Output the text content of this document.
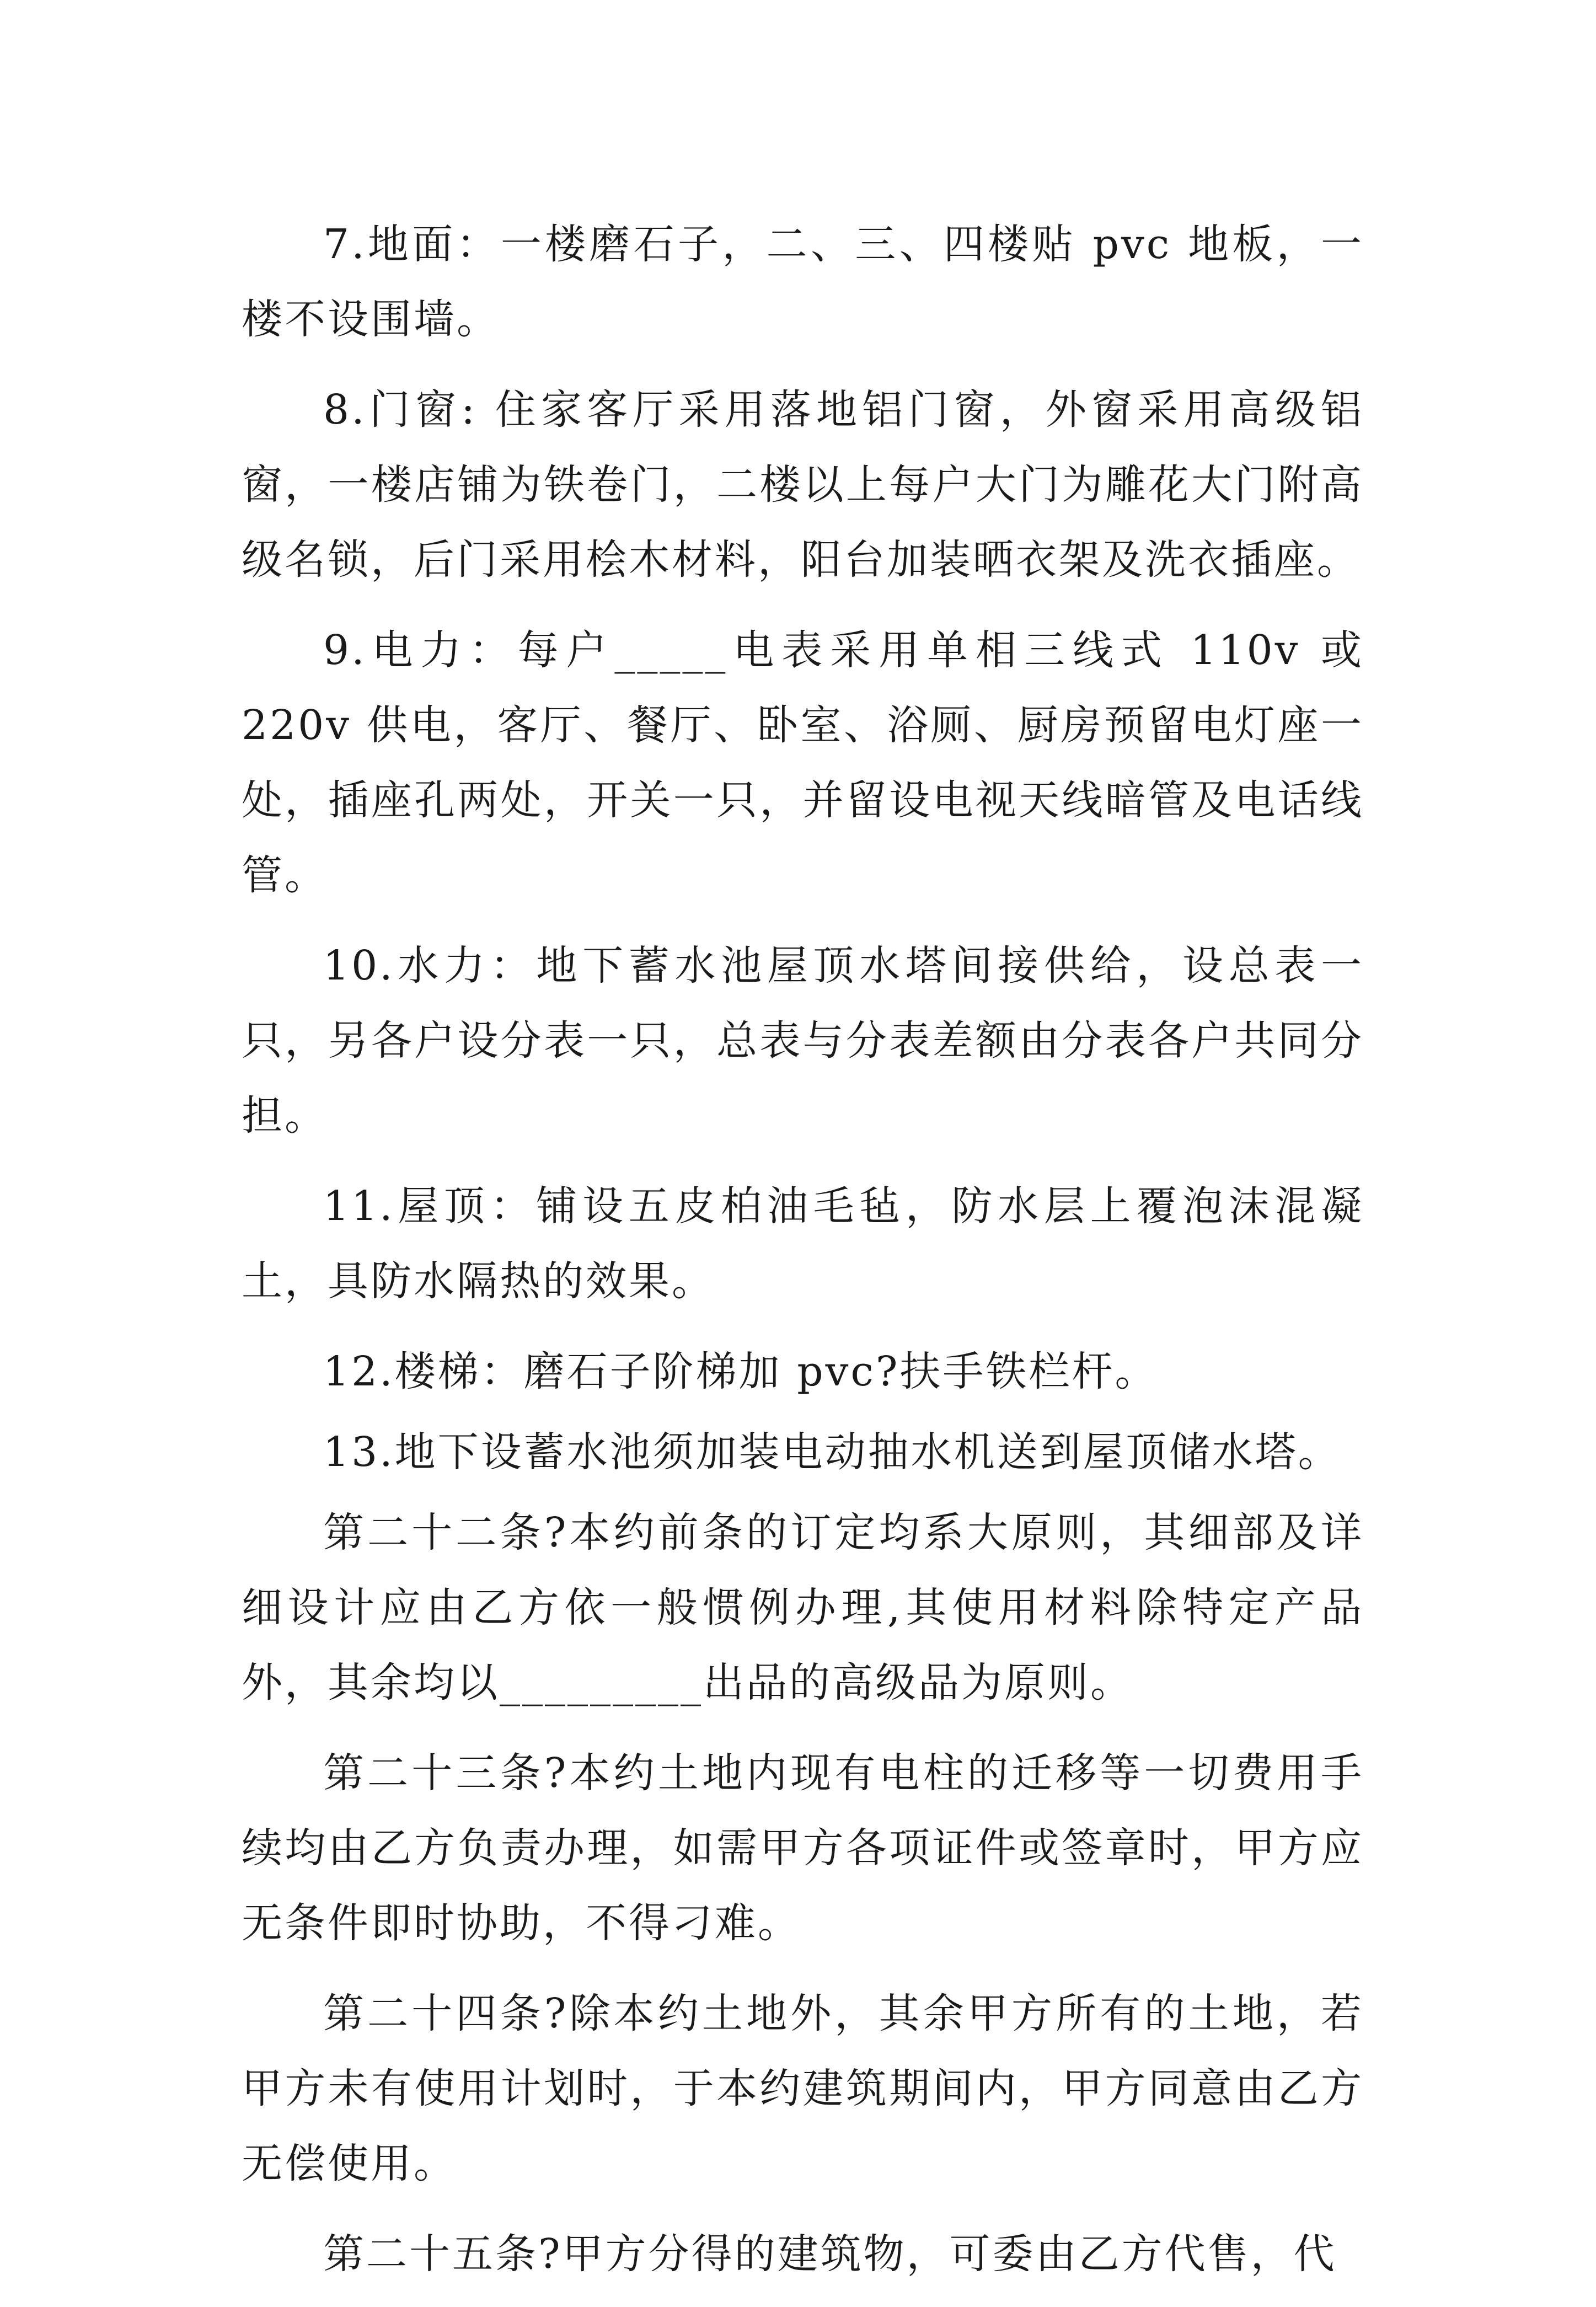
7.地面：一楼磨石子，二、三、四楼贴 pvc 地板，一楼不设围墙。

8.门窗: 住家客厅采用落地铝门窗，外窗采用高级铝窗，一楼店铺为铁卷门，二楼以上每户大门为雕花大门附高级名锁，后门采用桧木材料，阳台加装晒衣架及洗衣插座。

9.电力：每户_____电表采用单相三线式 110v 或 220v 供电，客厅、餐厅、卧室、浴厕、厨房预留电灯座一处，插座孔两处，开关一只，并留设电视天线暗管及电话线管。

10.水力：地下蓄水池屋顶水塔间接供给，设总表一只，另各户设分表一只，总表与分表差额由分表各户共同分担。

11.屋顶：铺设五皮柏油毛毡，防水层上覆泡沫混凝土，具防水隔热的效果。

12.楼梯：磨石子阶梯加 pvc?扶手铁栏杆。

13.地下设蓄水池须加装电动抽水机送到屋顶储水塔。

第二十二条?本约前条的订定均系大原则，其细部及详细设计应由乙方依一般惯例办理,其使用材料除特定产品外，其余均以_________出品的高级品为原则。

第二十三条?本约土地内现有电柱的迁移等一切费用手续均由乙方负责办理，如需甲方各项证件或签章时，甲方应无条件即时协助，不得刁难。

第二十四条?除本约土地外，其余甲方所有的土地，若甲方未有使用计划时，于本约建筑期间内，甲方同意由乙方无偿使用。

第二十五条?甲方分得的建筑物，可委由乙方代售，代
